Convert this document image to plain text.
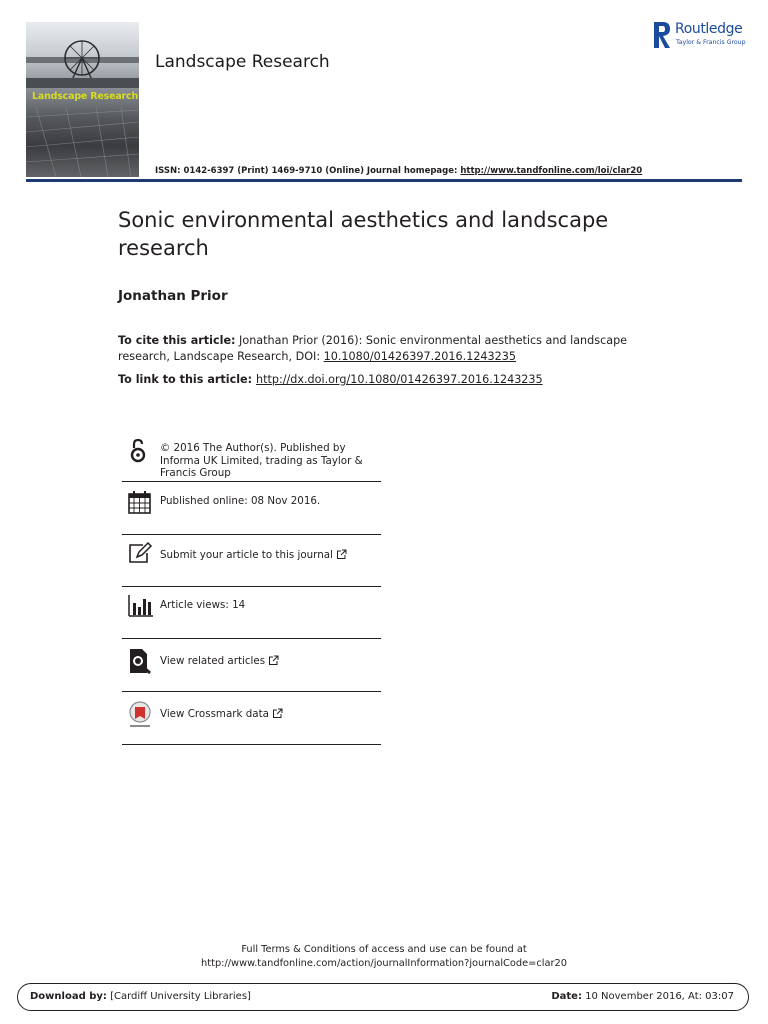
Landscape Research
Landscape Research
Routledge
Taylor & Francis Group
ISSN: 0142-6397 (Print) 1469-9710 (Online) Journal homepage: http://www.tandfonline.com/loi/clar20
Sonic environmental aesthetics and landscape research
Jonathan Prior
To cite this article: Jonathan Prior (2016): Sonic environmental aesthetics and landscape research, Landscape Research, DOI: 10.1080/01426397.2016.1243235
To link to this article: http://dx.doi.org/10.1080/01426397.2016.1243235
© 2016 The Author(s). Published by Informa UK Limited, trading as Taylor & Francis Group
Published online: 08 Nov 2016.
Submit your article to this journal
Article views: 14
View related articles
View Crossmark data
Full Terms & Conditions of access and use can be found at
http://www.tandfonline.com/action/journalInformation?journalCode=clar20
Download by: [Cardiff University Libraries]	Date: 10 November 2016, At: 03:07
